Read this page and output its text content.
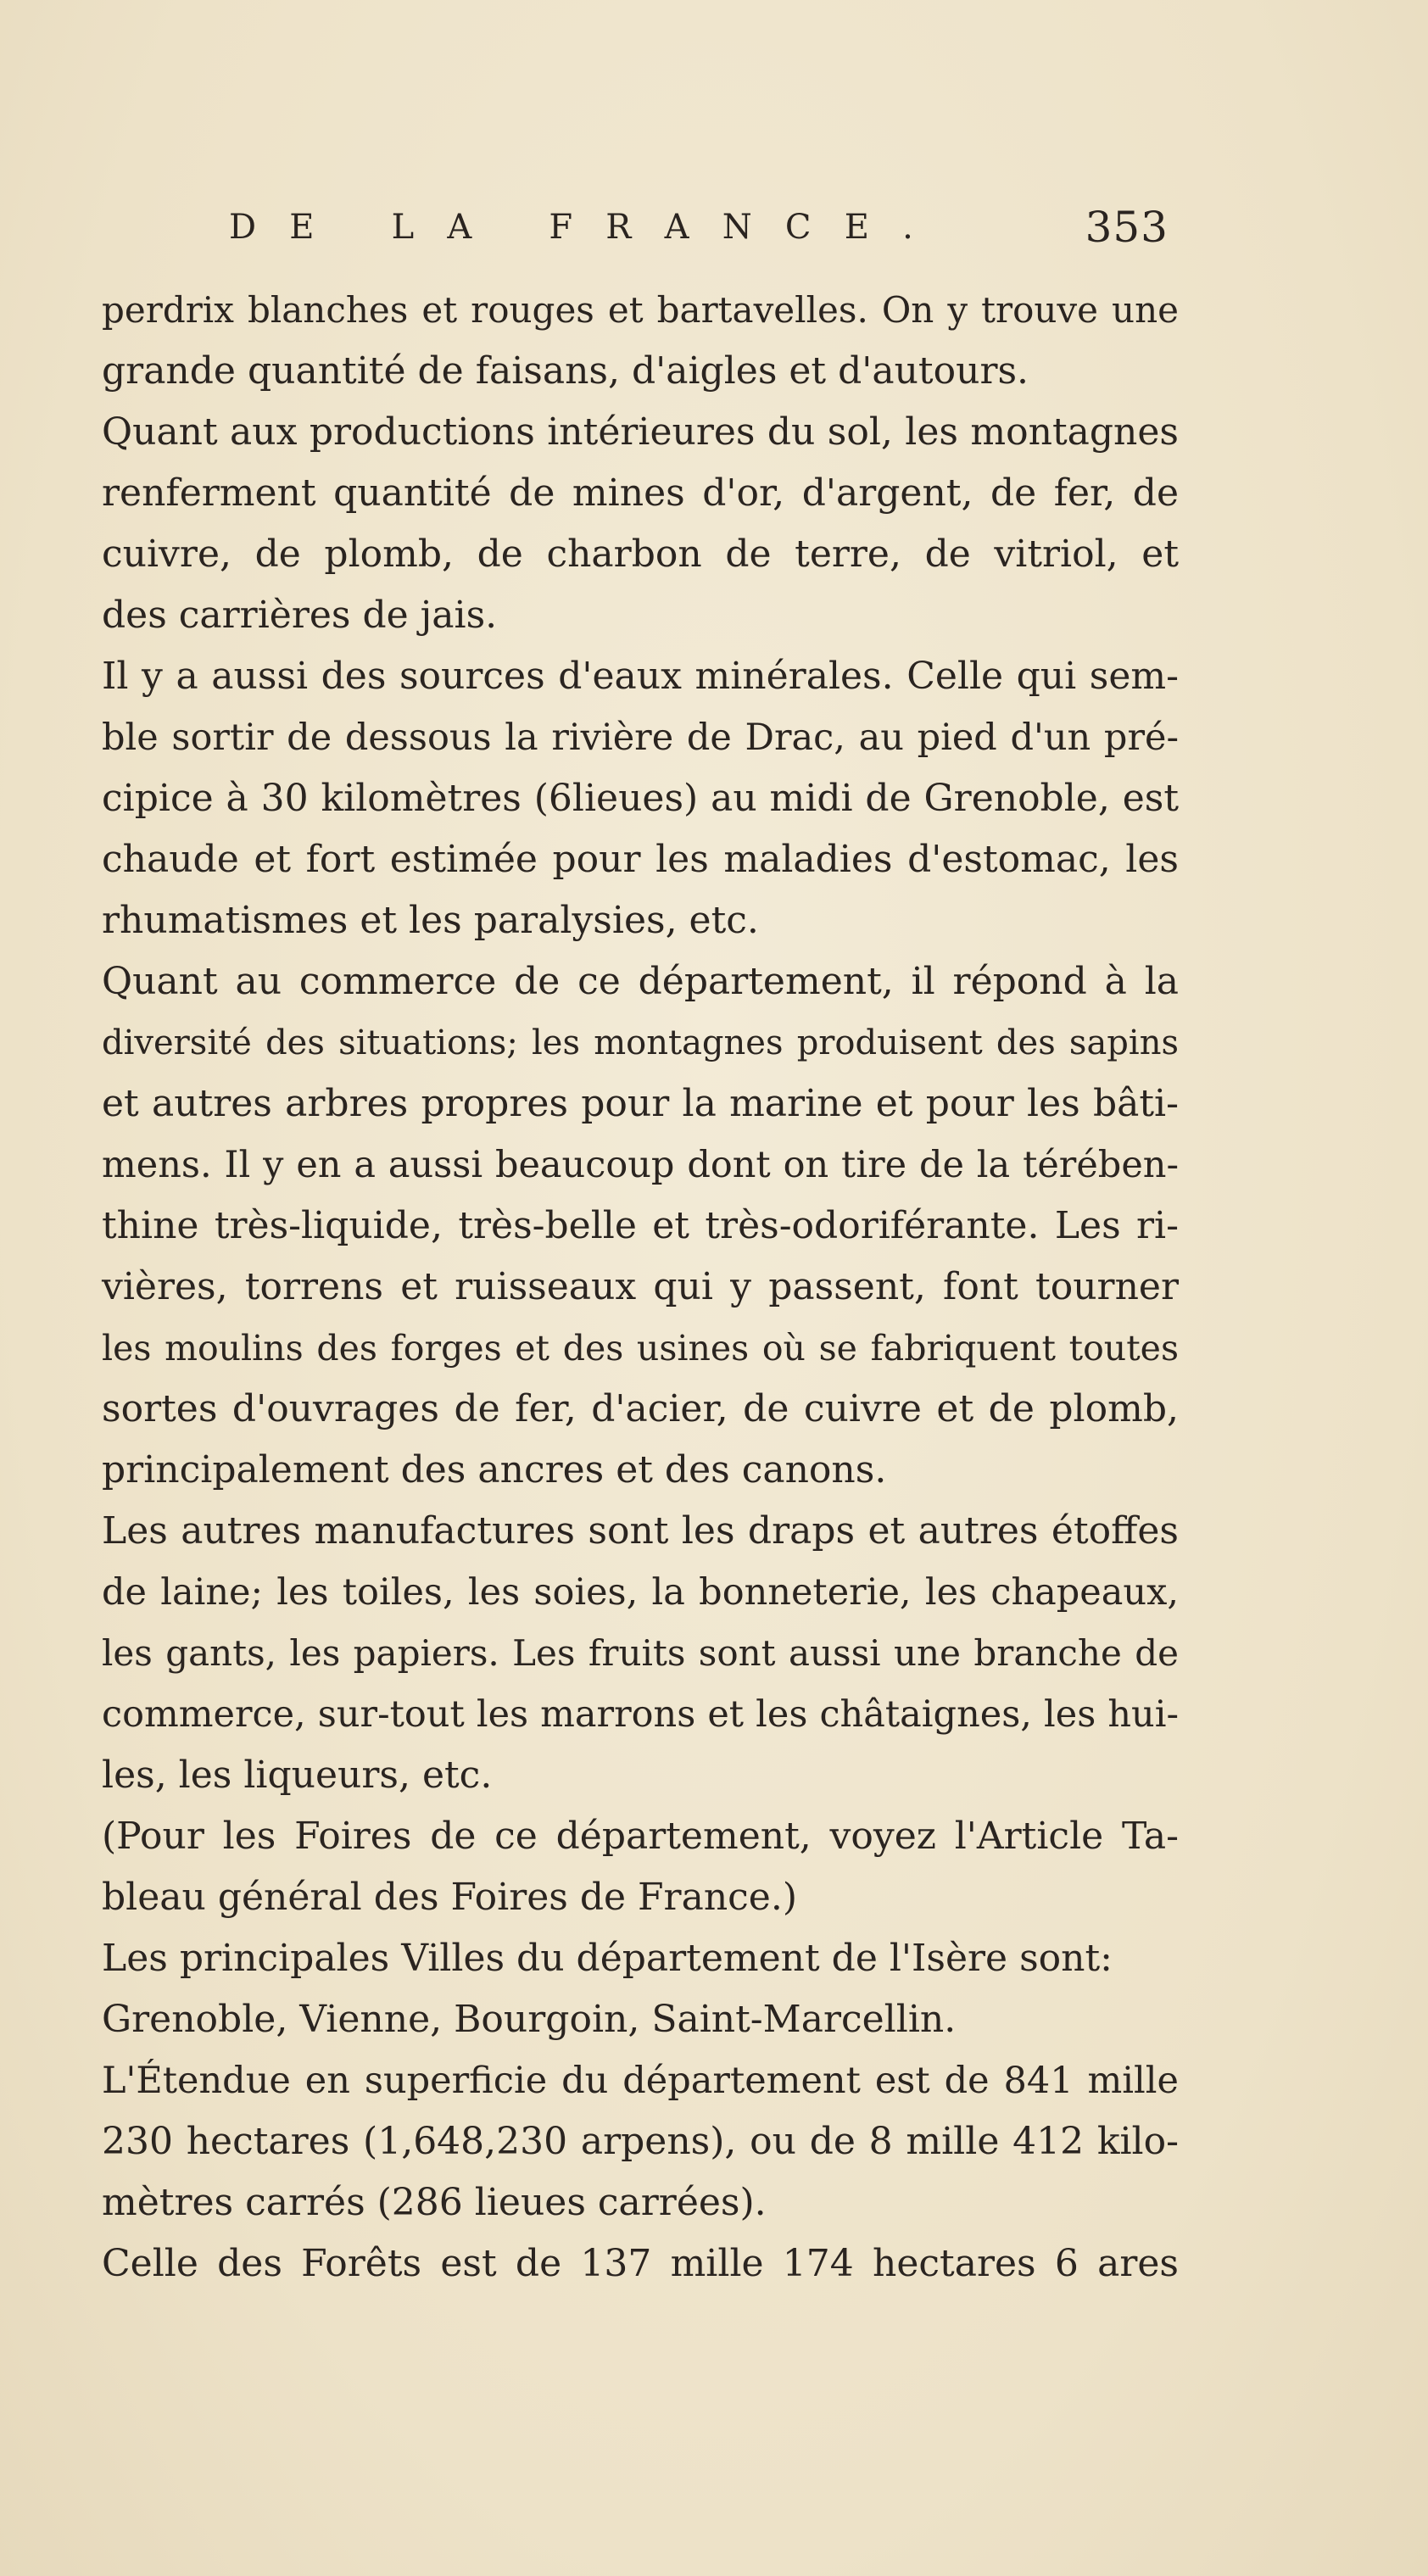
DE LA FRANCE.	353
perdrix blanches et rouges et bartavelles. On y trouve une
grande quantité de faisans, d'aigles et d'autours.
Quant aux productions intérieures du sol, les montagnes
renferment quantité de mines d'or, d'argent, de fer, de
cuivre, de plomb, de charbon de terre, de vitriol, et
des carrières de jais.
Il y a aussi des sources d'eaux minérales. Celle qui sem-
ble sortir de dessous la rivière de Drac, au pied d'un pré-
cipice à 30 kilomètres (6lieues) au midi de Grenoble, est
chaude et fort estimée pour les maladies d'estomac, les
rhumatismes et les paralysies, etc.
Quant au commerce de ce département, il répond à la
diversité des situations; les montagnes produisent des sapins
et autres arbres propres pour la marine et pour les bâti-
mens. Il y en a aussi beaucoup dont on tire de la térében-
thine très-liquide, très-belle et très-odoriférante. Les ri-
vières, torrens et ruisseaux qui y passent, font tourner
les moulins des forges et des usines où se fabriquent toutes
sortes d'ouvrages de fer, d'acier, de cuivre et de plomb,
principalement des ancres et des canons.
Les autres manufactures sont les draps et autres étoffes
de laine; les toiles, les soies, la bonneterie, les chapeaux,
les gants, les papiers. Les fruits sont aussi une branche de
commerce, sur-tout les marrons et les châtaignes, les hui-
les, les liqueurs, etc.
(Pour les Foires de ce département, voyez l'Article Ta-
bleau général des Foires de France.)
Les principales Villes du département de l'Isère sont:
Grenoble, Vienne, Bourgoin, Saint-Marcellin.
L'Étendue en superficie du département est de 841 mille
230 hectares (1,648,230 arpens), ou de 8 mille 412 kilo-
mètres carrés (286 lieues carrées).
Celle des Forêts est de 137 mille 174 hectares 6 ares
